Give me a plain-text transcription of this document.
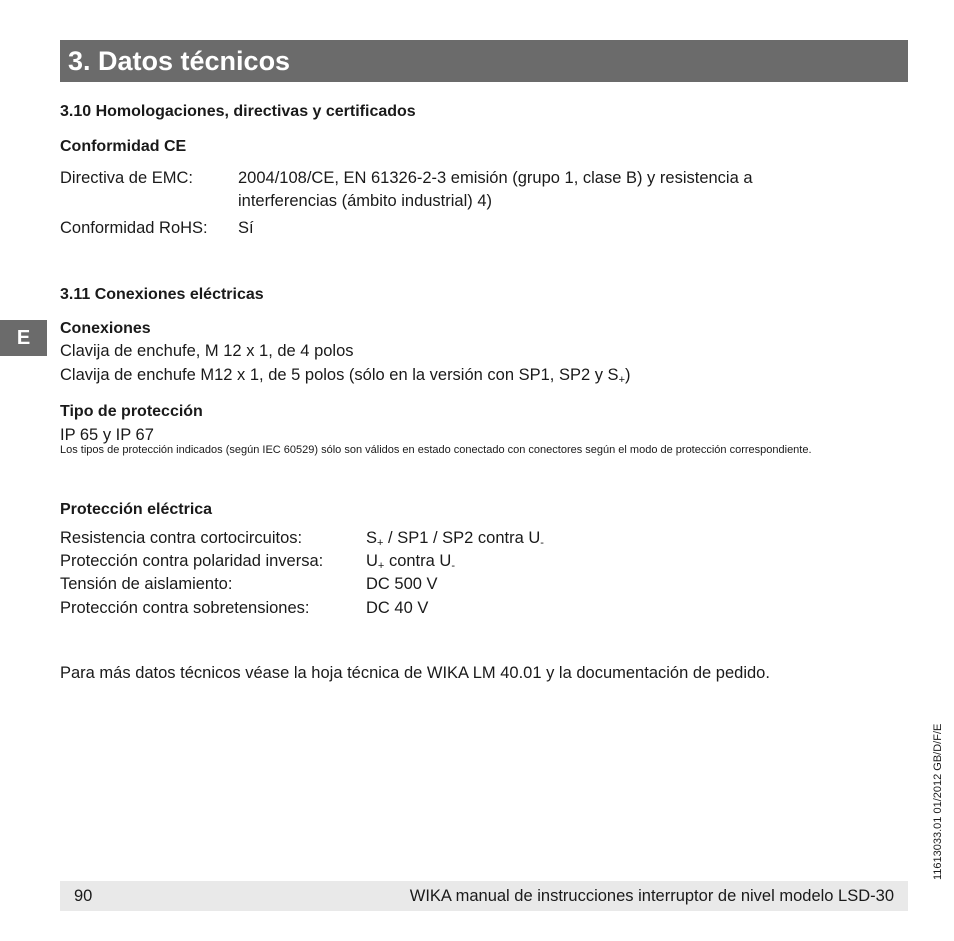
3. Datos técnicos
E
3.10 Homologaciones, directivas y certificados
Conformidad CE
Directiva de EMC:	2004/108/CE, EN 61326-2-3 emisión (grupo 1, clase B) y resistencia a
interferencias (ámbito industrial) 4)
Conformidad RoHS: Sí
3.11 Conexiones eléctricas
Conexiones
Clavija de enchufe, M 12 x 1, de 4 polos
Clavija de enchufe M12 x 1, de 5 polos (sólo en la versión con SP1, SP2 y $S_+$)
Tipo de protección
IP 65 y IP 67
Los tipos de protección indicados (según IEC 60529) sólo son válidos en estado conectado con conectores según el modo de protección correspondiente.
Protección eléctrica
Resistencia contra cortocircuitos:	$S_+ / SP1 / SP2$ contra $U_-$
Protección contra polaridad inversa:	$U_+$ contra $U_-$
Tensión de aislamiento:	DC 500 V
Protección contra sobretensiones:	DC 40 V
Para más datos técnicos véase la hoja técnica de WIKA LM 40.01 y la documentación de pedido.
11613033.01 01/2012 GB/D/F/E
90	WIKA manual de instrucciones interruptor de nivel modelo LSD-30
